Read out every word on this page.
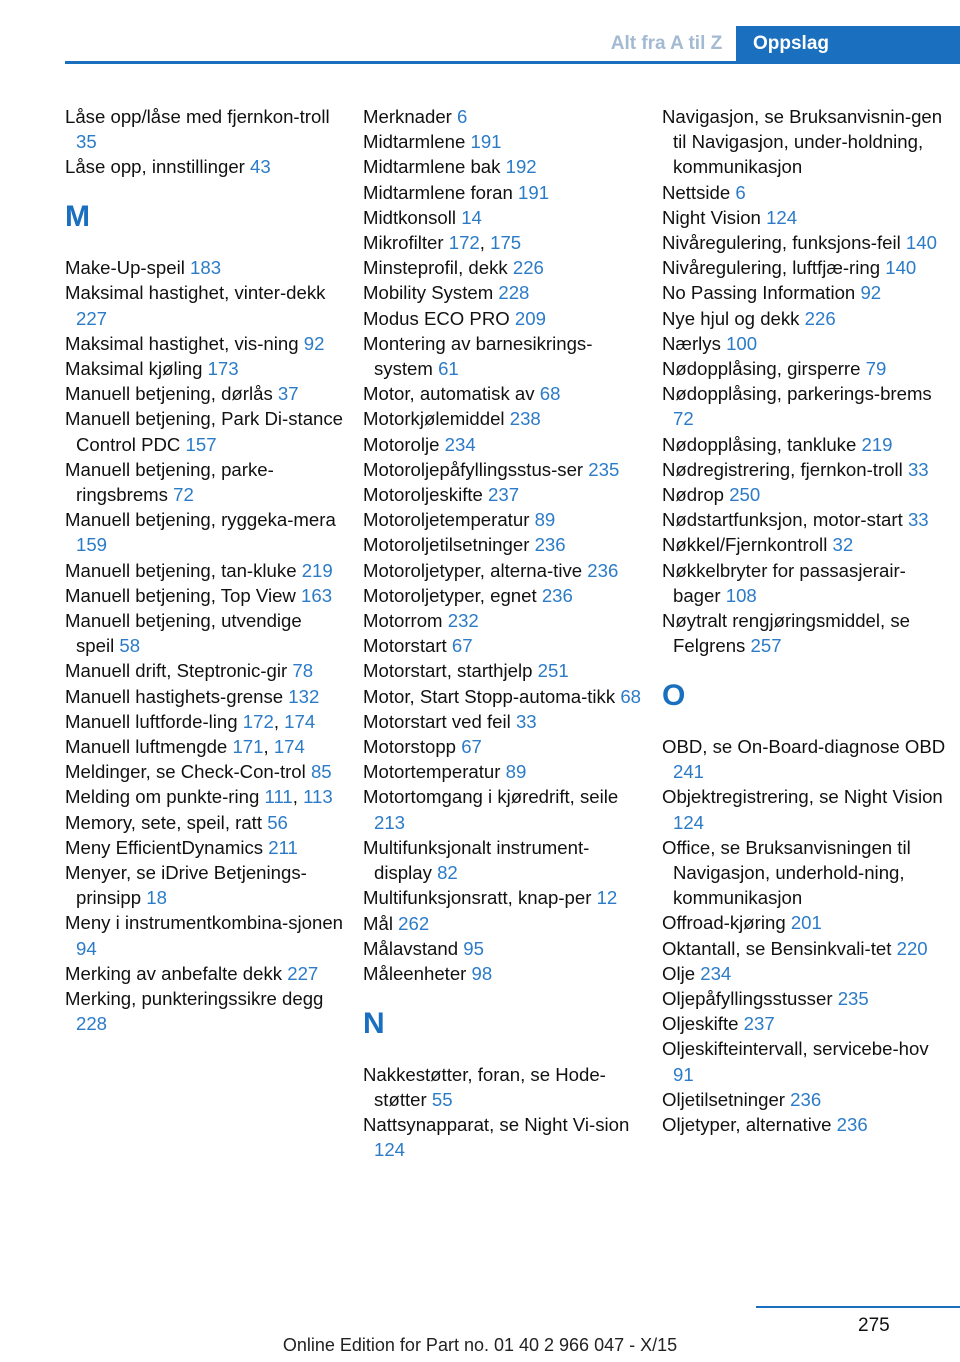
Alt fra A til Z	Oppslag
Låse opp/låse med fjernkon-troll 35
Låse opp, innstillinger 43
M
Make-Up-speil 183
Maksimal hastighet, vinter-dekk 227
Maksimal hastighet, vis-ning 92
Maksimal kjøling 173
Manuell betjening, dørlås 37
Manuell betjening, Park Di-stance Control PDC 157
Manuell betjening, parke-ringsbrems 72
Manuell betjening, ryggeka-mera 159
Manuell betjening, tan-kluke 219
Manuell betjening, Top View 163
Manuell betjening, utvendige speil 58
Manuell drift, Steptronic-gir 78
Manuell hastighets-grense 132
Manuell luftforde-ling 172, 174
Manuell luftmengde 171, 174
Meldinger, se Check-Con-trol 85
Melding om punkte-ring 111, 113
Memory, sete, speil, ratt 56
Meny EfficientDynamics 211
Menyer, se iDrive Betjenings-prinsipp 18
Meny i instrumentkombina-sjonen 94
Merking av anbefalte dekk 227
Merking, punkteringssikre degg 228
Merknader 6
Midtarmlene 191
Midtarmlene bak 192
Midtarmlene foran 191
Midtkonsoll 14
Mikrofilter 172, 175
Minsteprofil, dekk 226
Mobility System 228
Modus ECO PRO 209
Montering av barnesikrings-system 61
Motor, automatisk av 68
Motorkjølemiddel 238
Motorolje 234
Motoroljepåfyllingsstus-ser 235
Motoroljeskifte 237
Motoroljetemperatur 89
Motoroljetilsetninger 236
Motoroljetyper, alterna-tive 236
Motoroljetyper, egnet 236
Motorrom 232
Motorstart 67
Motorstart, starthjelp 251
Motor, Start Stopp-automa-tikk 68
Motorstart ved feil 33
Motorstopp 67
Motortemperatur 89
Motortomgang i kjøredrift, seile 213
Multifunksjonalt instrument-display 82
Multifunksjonsratt, knap-per 12
Mål 262
Målavstand 95
Måleenheter 98
N
Nakkestøtter, foran, se Hode-støtter 55
Nattsynapparat, se Night Vi-sion 124
Navigasjon, se Bruksanvisnin-gen til Navigasjon, under-holdning, kommunikasjon
Nettside 6
Night Vision 124
Nivåregulering, funksjons-feil 140
Nivåregulering, luftfjæ-ring 140
No Passing Information 92
Nye hjul og dekk 226
Nærlys 100
Nødopplåsing, girsperre 79
Nødopplåsing, parkerings-brems 72
Nødopplåsing, tankluke 219
Nødregistrering, fjernkon-troll 33
Nødrop 250
Nødstartfunksjon, motor-start 33
Nøkkel/Fjernkontroll 32
Nøkkelbryter for passasjerair-bager 108
Nøytralt rengjøringsmiddel, se Felgrens 257
O
OBD, se On-Board-diagnose OBD 241
Objektregistrering, se Night Vision 124
Office, se Bruksanvisningen til Navigasjon, underhold-ning, kommunikasjon
Offroad-kjøring 201
Oktantall, se Bensinkvali-tet 220
Olje 234
Oljepåfyllingsstusser 235
Oljeskifte 237
Oljeskifteintervall, servicebe-hov 91
Oljetilsetninger 236
Oljetyper, alternative 236
275
Online Edition for Part no. 01 40 2 966 047 - X/15
